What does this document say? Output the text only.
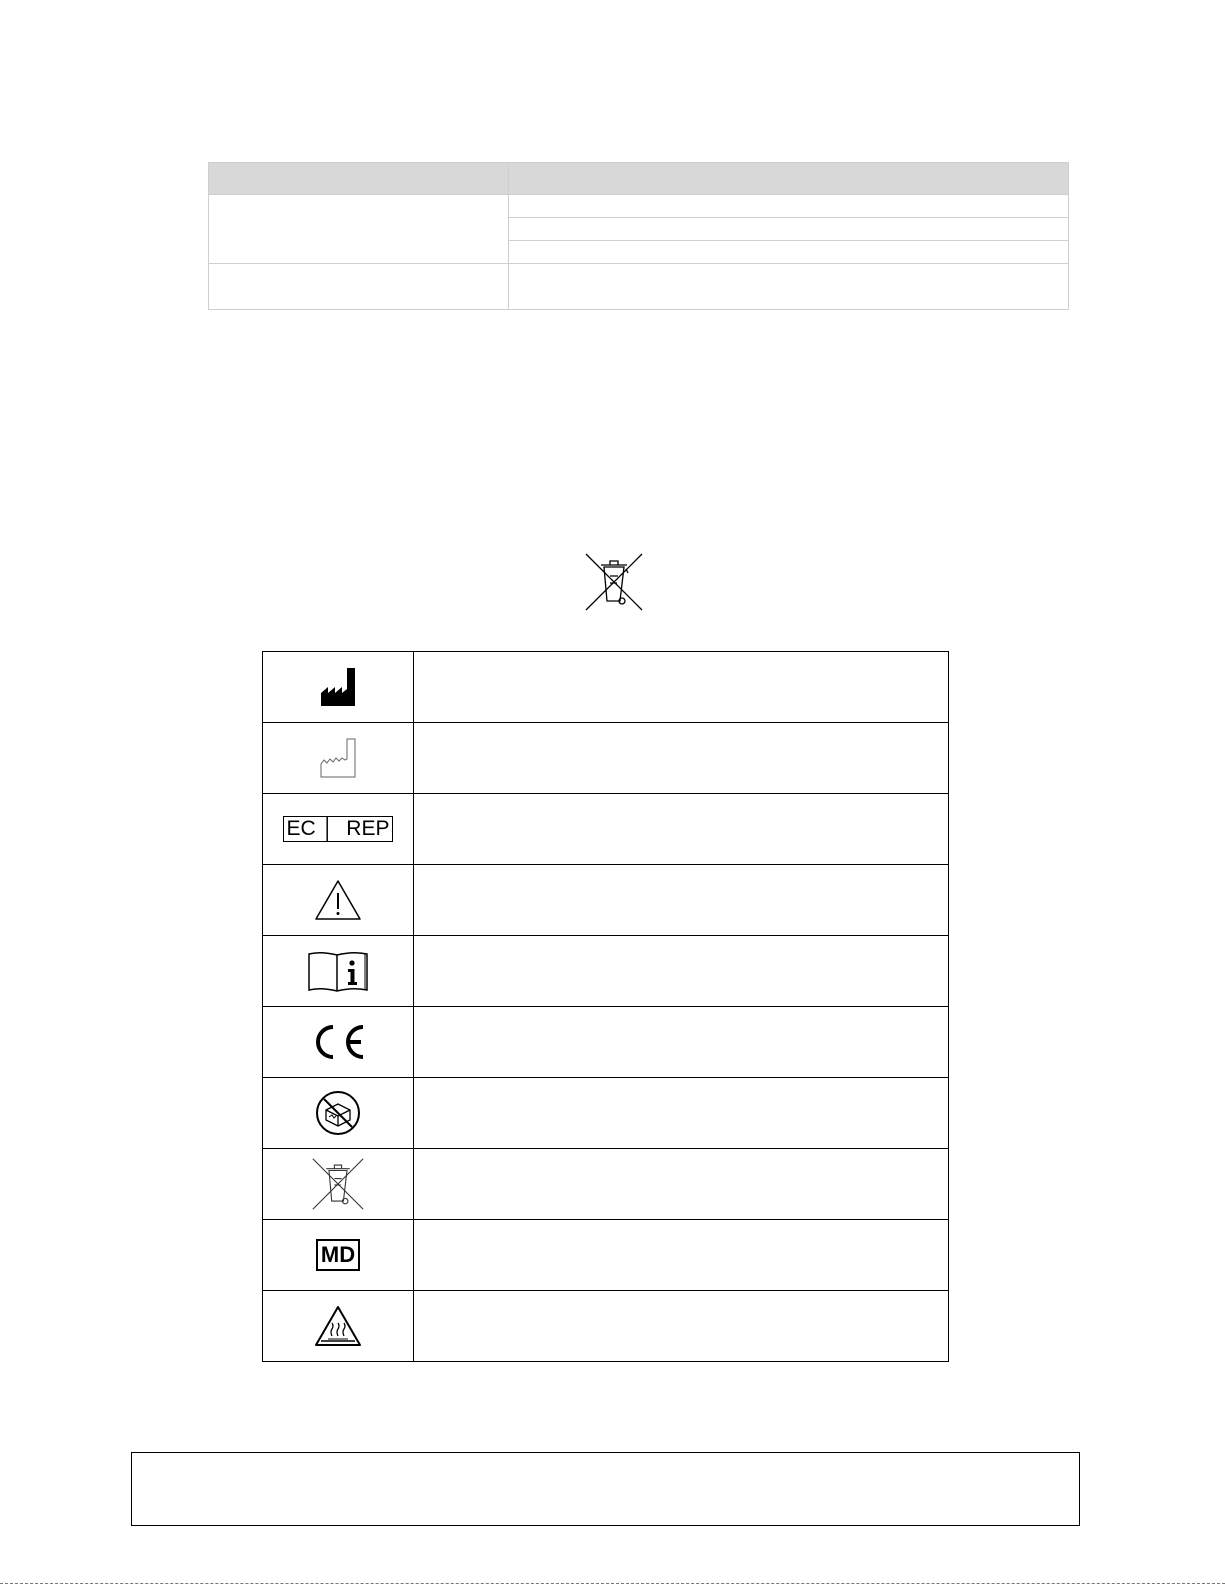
EC │  REP	

MD	
